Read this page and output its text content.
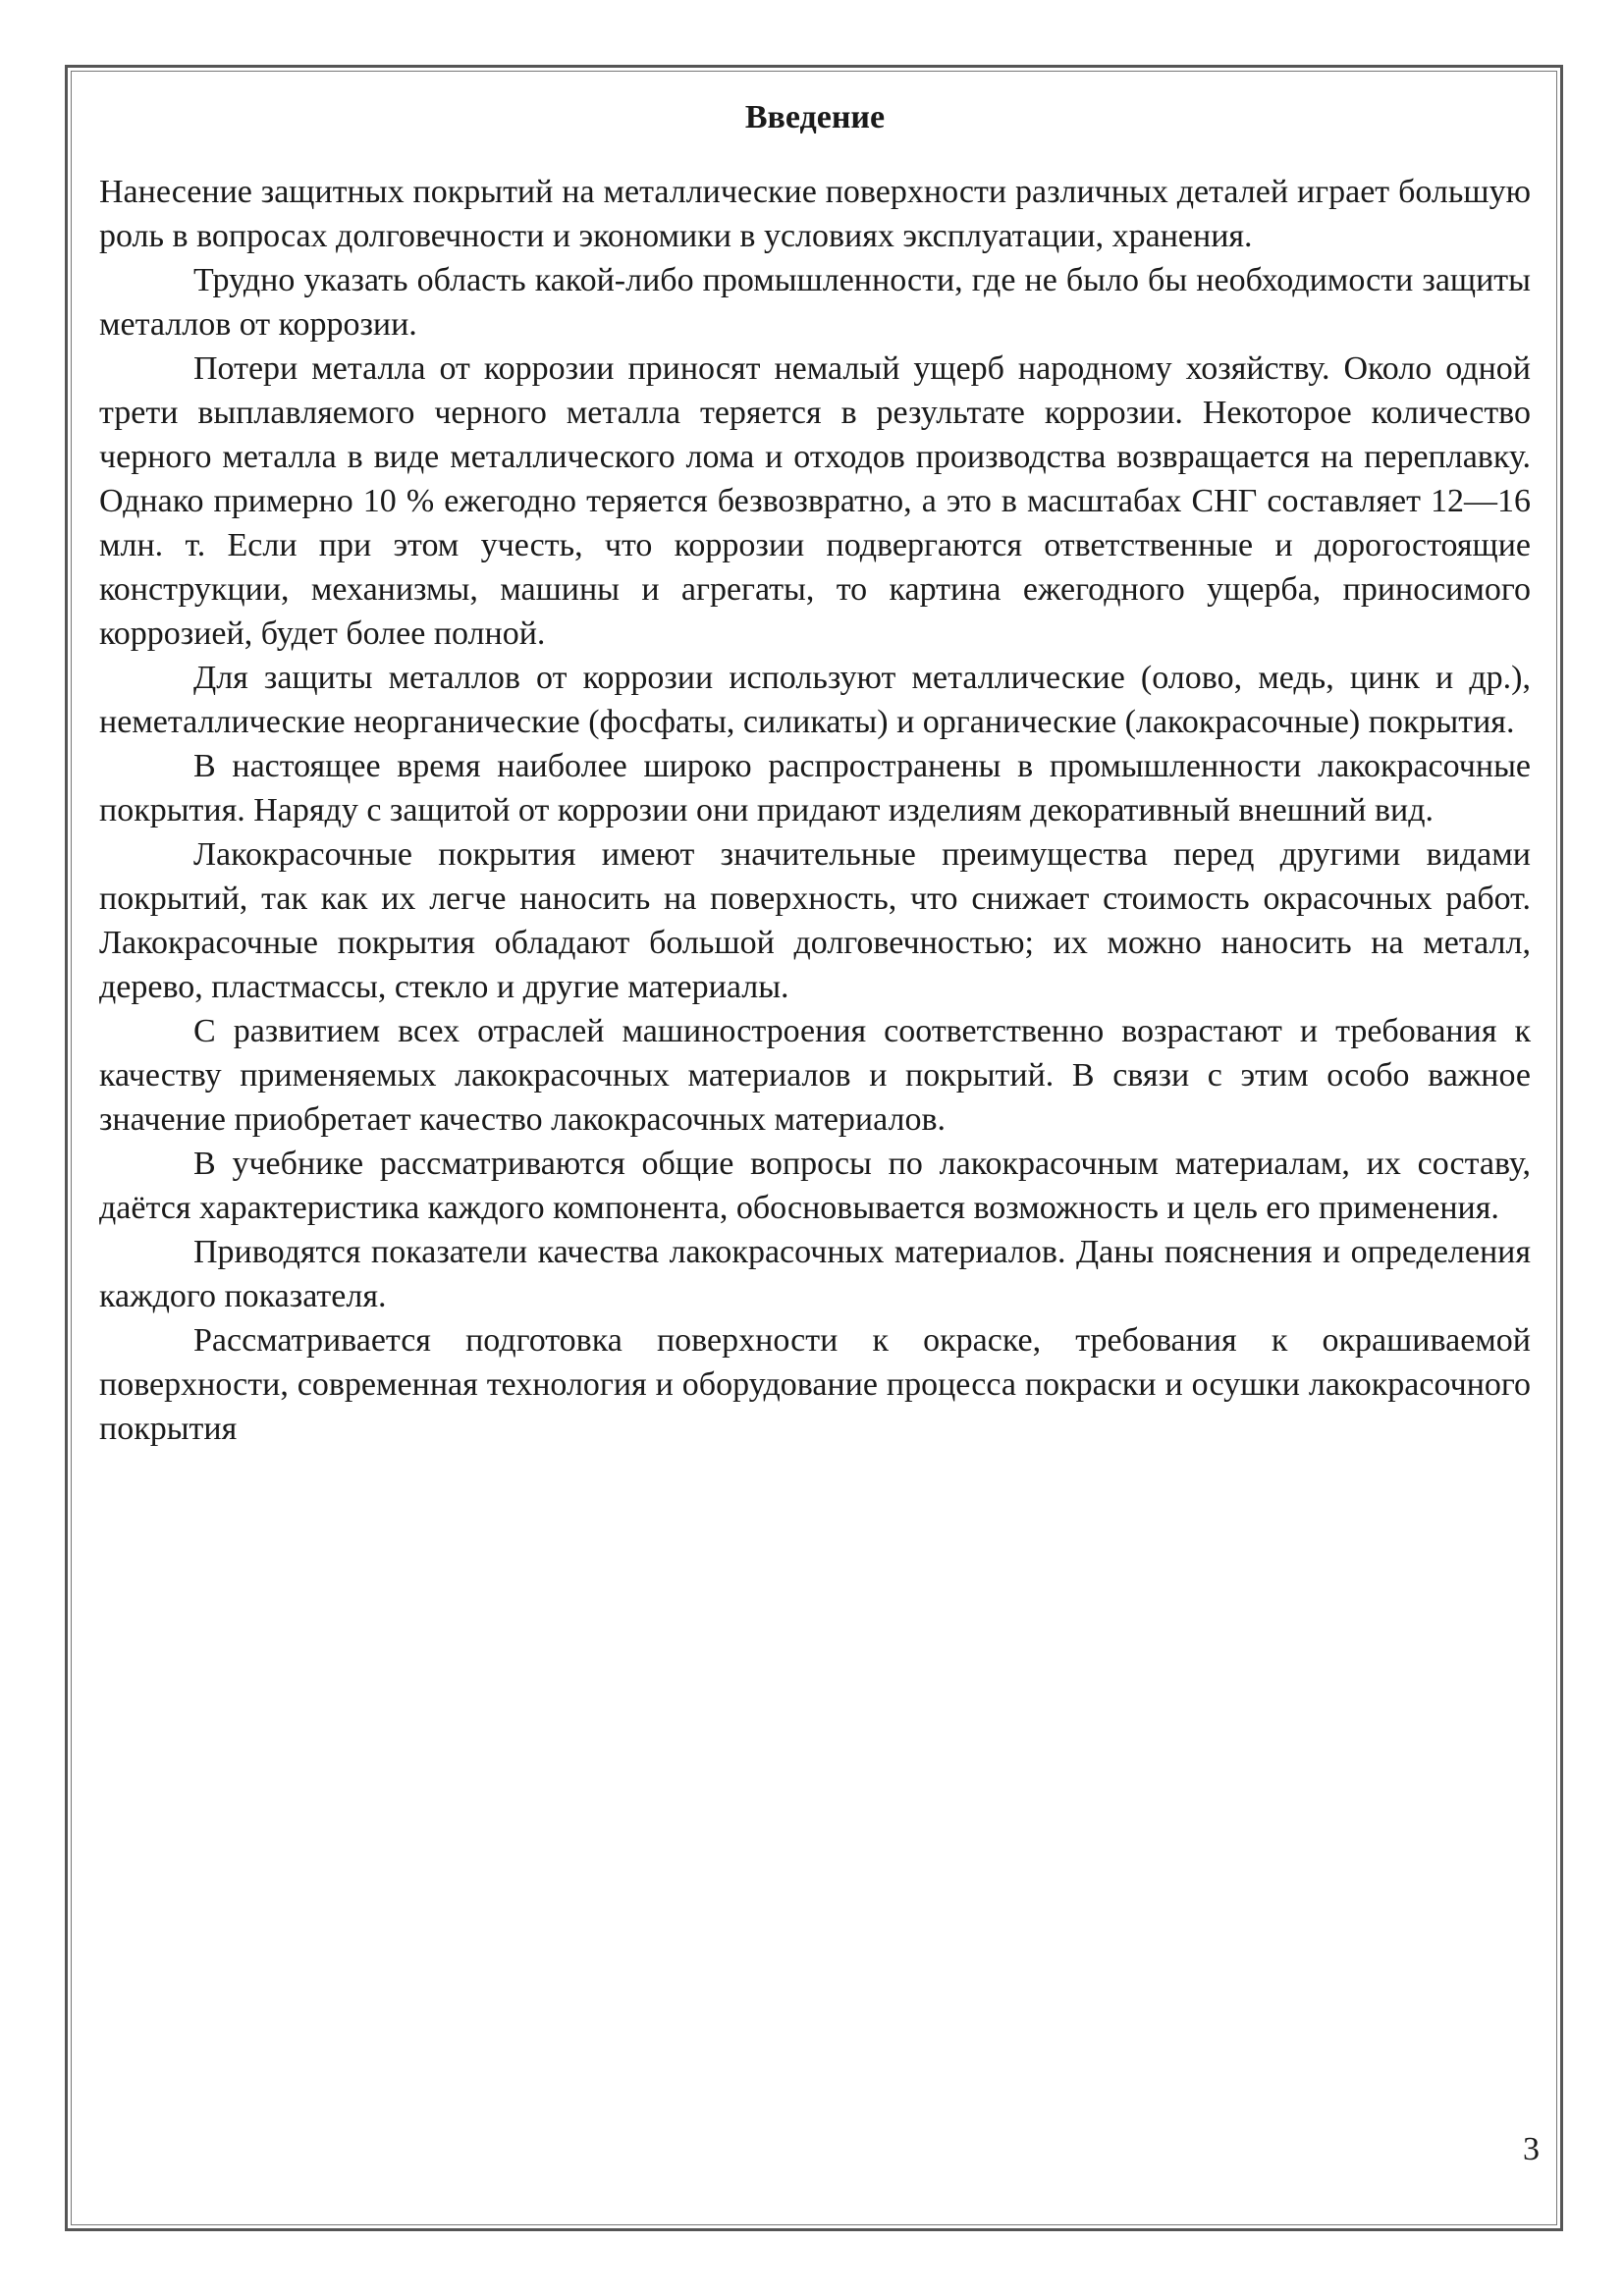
Введение

Нанесение защитных покрытий на металлические поверхности различных деталей играет большую роль в вопросах долговечности и экономики в условиях эксплуатации, хранения.

Трудно указать область какой-либо промышленности, где не было бы необходимости защиты металлов от коррозии.

Потери металла от коррозии приносят немалый ущерб народному хозяйству. Около одной трети выплавляемого черного металла теряется в результате коррозии. Некоторое количество черного металла в виде металлического лома и отходов производства возвращается на переплавку. Однако примерно 10 % ежегодно теряется безвозвратно, а это в масштабах СНГ составляет 12—16 млн. т. Если при этом учесть, что коррозии подвергаются ответственные и дорогостоящие конструкции, механизмы, машины и агрегаты, то картина ежегодного ущерба, приносимого коррозией, будет более полной.

Для защиты металлов от коррозии используют металлические (олово, медь, цинк и др.), неметаллические неорганические (фосфаты, силикаты) и органические (лакокрасочные) покрытия.

В настоящее время наиболее широко распространены в промышленности лакокрасочные покрытия. Наряду с защитой от коррозии они придают изделиям декоративный внешний вид.

Лакокрасочные покрытия имеют значительные преимущества перед другими видами покрытий, так как их легче наносить на поверхность, что снижает стоимость окрасочных работ. Лакокрасочные покрытия обладают большой долговечностью; их можно наносить на металл, дерево, пластмассы, стекло и другие материалы.

С развитием всех отраслей машиностроения соответственно возрастают и требования к качеству применяемых лакокрасочных материалов и покрытий. В связи с этим особо важное значение приобретает качество лакокрасочных материалов.

В учебнике рассматриваются общие вопросы по лакокрасочным материалам, их составу, даётся характеристика каждого компонента, обосновывается возможность и цель его применения.

Приводятся показатели качества лакокрасочных материалов. Даны пояснения и определения каждого показателя.

Рассматривается подготовка поверхности к окраске, требования к окрашиваемой поверхности, современная технология и оборудование процесса покраски и осушки лакокрасочного покрытия

3
